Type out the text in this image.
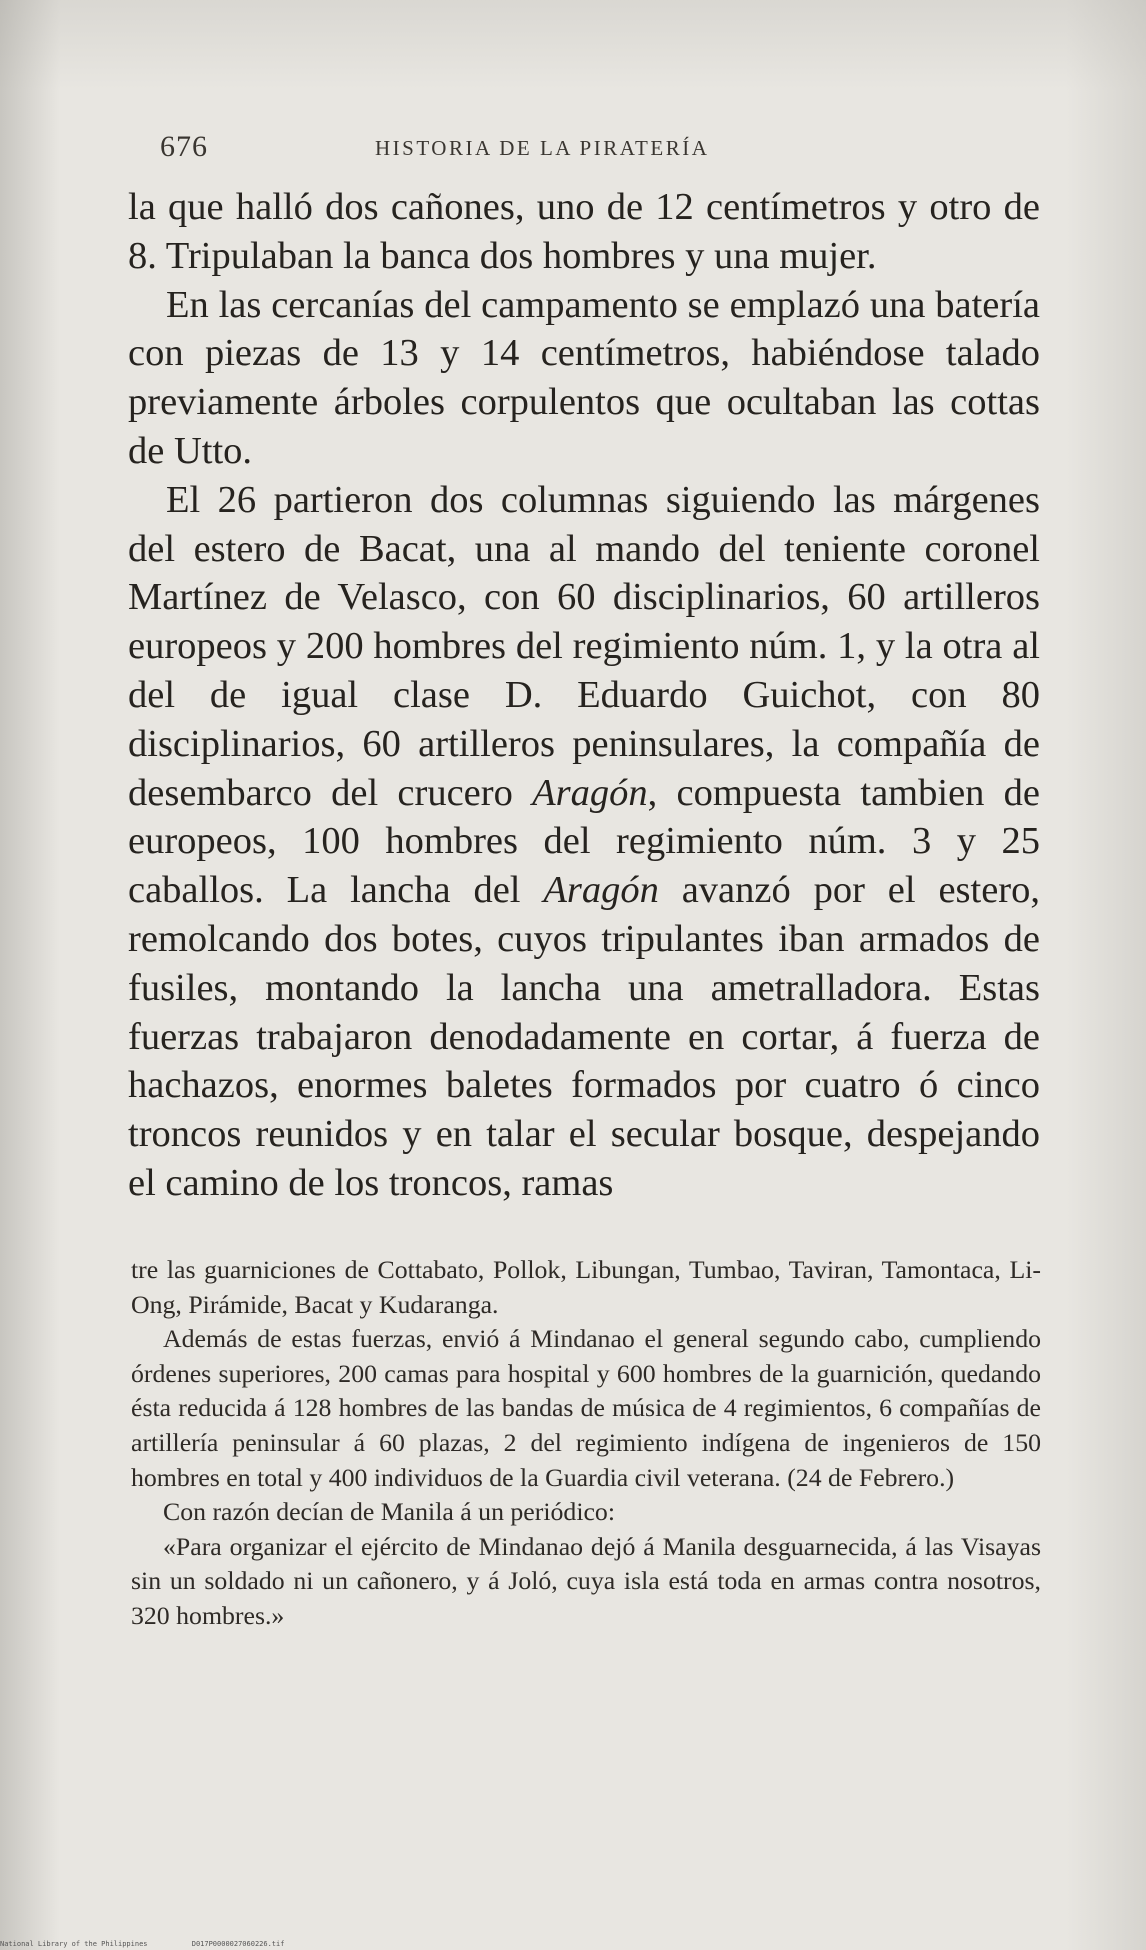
676	HISTORIA DE LA PIRATERÍA

la que halló dos cañones, uno de 12 centímetros y otro de 8. Tripulaban la banca dos hombres y una mujer.

En las cercanías del campamento se emplazó una batería con piezas de 13 y 14 centímetros, habiéndose talado previamente árboles corpulentos que ocultaban las cottas de Utto.

El 26 partieron dos columnas siguiendo las márgenes del estero de Bacat, una al mando del teniente coronel Martínez de Velasco, con 60 disciplinarios, 60 artilleros europeos y 200 hombres del regimiento núm. 1, y la otra al del de igual clase D. Eduardo Guichot, con 80 disciplinarios, 60 artilleros peninsulares, la compañía de desembarco del crucero Aragón, compuesta tambien de europeos, 100 hombres del regimiento núm. 3 y 25 caballos. La lancha del Aragón avanzó por el estero, remolcando dos botes, cuyos tripulantes iban armados de fusiles, montando la lancha una ametralladora. Estas fuerzas trabajaron denodadamente en cortar, á fuerza de hachazos, enormes baletes formados por cuatro ó cinco troncos reunidos y en talar el secular bosque, despejando el camino de los troncos, ramas

tre las guarniciones de Cottabato, Pollok, Libungan, Tumbao, Taviran, Tamontaca, Li-Ong, Pirámide, Bacat y Kudaranga.

Además de estas fuerzas, envió á Mindanao el general segundo cabo, cumpliendo órdenes superiores, 200 camas para hospital y 600 hombres de la guarnición, quedando ésta reducida á 128 hombres de las bandas de música de 4 regimientos, 6 compañías de artillería peninsular á 60 plazas, 2 del regimiento indígena de ingenieros de 150 hombres en total y 400 individuos de la Guardia civil veterana. (24 de Febrero.)

Con razón decían de Manila á un periódico:

«Para organizar el ejército de Mindanao dejó á Manila desguarnecida, á las Visayas sin un soldado ni un cañonero, y á Joló, cuya isla está toda en armas contra nosotros, 320 hombres.»

National Library of the Philippines	D017P0000027060226.tif
